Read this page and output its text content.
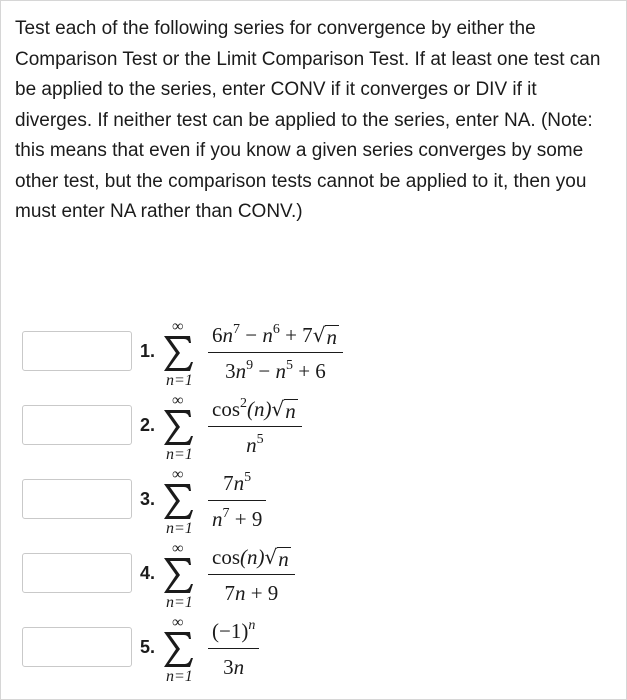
Test each of the following series for convergence by either the Comparison Test or the Limit Comparison Test. If at least one test can be applied to the series, enter CONV if it converges or DIV if it diverges. If neither test can be applied to the series, enter NA. (Note: this means that even if you know a given series converges by some other test, but the comparison tests cannot be applied to it, then you must enter NA rather than CONV.)

1.
∞
n=1
$6n^7 - n^6 + 7$ √ n
$3n^9 - n^5 + 6$
2.
∞
n=1
$\cos^2(n)$ √ n
$n^5$
3.
∞
n=1
$7n^5$
$n^7 + 9$
4.
∞
n=1
cos(n) √ n
7n + 9
5.
∞
n=1
$(-1)^n$
3n
